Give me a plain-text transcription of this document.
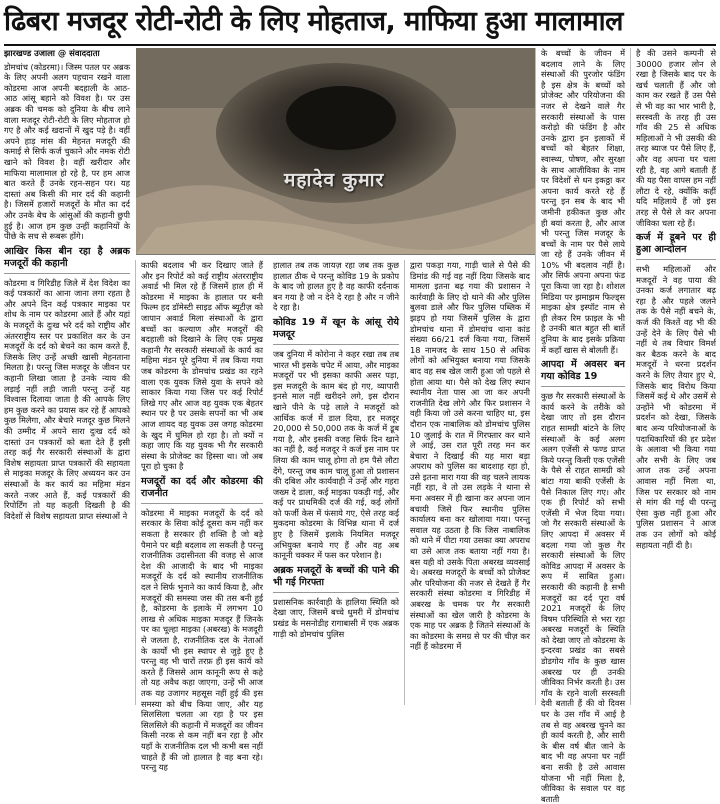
ढिबरा मजदूर रोटी-रोटी के लिए मोहताज, माफिया हुआ मालामाल
झारखण्ड उजाला @ संवाददाता

डोमचांच (कोडरमा)। जिस्म पतल पर अब्रक के लिए अपनी अलग पहचान रखने वाला कोडरमा आज अपनी बदहाली के आठ-आठ आंसू बहाने को विवश है। पर उस अब्रक की चमक को दुनिया के बीच लाने वाला मजदूर रोटी-रोटी के लिए मोहताज हो गए है और कई खदानों में खुद पड़े है। वहीं अपने हाड़ मांस की मेहनत मजदूरी की कमाई से सिर्फ कर्ज चुकाने और नमक रोटी खाने को विवश है। वहीं खरीदार और माफिया मालामाल हो रहे है, पर हम आज बात करते हैं उनके रहन-सहन पर। यह दास्तां अब किसी की मार दर्द की कहानी है। जिसमें हजारों मजदूरों के मौत का दर्द और उनके बेच के आंसुओं की कहानी छुपी हुई है। आज हम कुछ उन्हीं कहानियों के पीछे के सच से रूबरू होंगे।

आखिर किस बीन रहा है अब्रक मजदूरों की कहानी

कोडरमा व गिरिडीह जिले में देश विदेश का कई पत्रकारों का आना जाना लगा रहता है और अपने दिन कई पत्रकार माइका पर शोध के नाम पर कोडरमा आते हैं और यहां के मजदूरों के दुःख भरे दर्द को राष्ट्रीय और अंतरराष्ट्रीय स्तर पर प्रकाशित कर के उन मजदूरों के दर्द को बेचने का काम करते हैं, जिसके लिए उन्हें अच्छी खासी मेहनताना मिलता है। परन्तु जिस मजदूर के जीवन पर कहानी लिखा जाता है उनके न्याय की लड़ाई नहीं लड़ी जाती परन्तु उन्हें यह विश्वास दिलाया जाता है की आपके लिए हम कुछ करने का प्रयास कर रहे हैं आपको कुछ मिलेगा, और बेचारे मजदूर कुछ मिलने की उम्मीद में अपने सारा दुःख दर्द को दास्तां उन पत्रकारों को बता देते हैं इसी तरह कई गैर सरकारी संस्थाओं के द्वारा विशेष सहायता प्राप्त पत्रकारों की सहायता से माइका मजदूर के लिए अध्ययन कर उन संस्थाओं के कर कार्य का महिमा मंडन करते नजर आते हैं, कई पत्रकारों की रिपोर्टिंग तो यह कहती दिखती है की विदेशों से विशेष सहायता प्राप्त संस्थाओं ने

महादेव कुमार

हालात तब तक जायज़ रहा जब तक कुछ हालात ठीक थे परन्तु कोविड 19 के प्रकोप के बाद जो हालत हुए है वह काफी दर्दनाक बन गया है जो न देने दे रहा है और न जीने दे रहा है।

कोविड 19 में खून के आंसू रोये मजदूर

जब दुनिया में कोरोना ने कहर रखा तब तब भारत भी इसके चपेट में आया, और माइका मजदूरों पर भी इसका काफी असर पड़ा, इस मजदूरी के काम बंद हो गए, व्यापारी इनसे माल नहीं खरीदने लगे, इस दौरान खाने पीने के पड़े लाले ने मजदूरों को आर्थिक कर्ज में डाल दिया, हर मजदूर 20,000 से 50,000 तक के कर्ज में डूब गया है, और इसकी वजह सिर्फ दिन खाने का नहीं है, कई मजदूर ने कर्ज इस नाम पर लिया की काम चालू होगा तो हम पैसे लौटा देंगे, परन्तु जब काम चालू हुआ तो प्रशासन की दबिश और कार्यवाही ने उन्हें और गहरा जख्म दे डाला, कई माइका पकड़ी गई, और कई पर प्राथमिकी दर्ज की गई, कई लोगों को फर्जी केस में फंसाये गए, ऐसे तरह कई मुकदमा कोडरमा के विभिन्न थाना में दर्ज हुए है जिसमें इलाके नियमित मजदूर अभियुक्त बनाये गए हैं और वह अब कानूनी चक्कर में फस कर परेशान है।

अब्रक मजदूरों के बच्चों की पाने की भी गई गिरफ्ता

प्रशासनिक कार्रवाही के हालिया स्थिति को देखा जाए, जिसमें बच्चे धुमरी में डोमचांच प्रखंड के मसनोडीह रागाबासी में एक अब्रक गाड़ी को डोमचांच पुलिस

काफी बदलाव भी कर दिखाए जाते हैं और इन रिपोर्ट को कई राष्ट्रीय अंतरराष्ट्रीय अवार्ड भी मिल रहे हैं जिसमें हाल ही में कोडरमा में माइका के हालात पर बनी फिल्म हद डॉमेस्टी साइड ऑफ ब्यूटीज़ को जापान अवार्ड मिला संस्थाओं के द्वारा बच्चों का कल्याण और मजदूरों की बदहाली को दिखाने के लिए एक प्रमुख कहानी गैर सरकारी संस्थाओं के कार्य का महिमा मंडन पूरे दुनिया में तब किया गया जब कोडरमा के डोमचांच प्रखंड का रहने वाला एक युवक जिसे युवा के सपने को साकार किया गया जिस पर कई रिपोर्ट लिखे गए और आज वह युवक एक बेहतर स्थान पर है पर उसके सपनों का भी अब आज शायद वह युवक उस जगह कोडरमा के खुद में घुमिल हो रहा है। तो क्यों न कहा जाए कि यह युवक भी गैर सरकारी संस्था के प्रोजेक्ट का हिस्सा था। जो अब पूरा हो चुका है

मजदूरों का दर्द और कोडरमा की राजनीत

कोडरमा में माइका मजदूरों के दर्द को सरकार के सिवा कोई दूसरा कम नहीं कर सकता है सरकार ही शक्ति है जो बड़े पैमाने पर बड़ी बदलाव ला सकती है परन्तु राजनीतिक उदासीनता की वजह से आज देश की आजादी के बाद भी माइका मजदूरों के दर्द को स्थानीय राजनीतिक दल ने सिर्फ भुनाने का कार्य किया है, और मजदूरों की समस्या जस की तस बनी हुई है, कोडरमा के इलाके में लगभग 10 लाख से अधिक माइका मजदूर हैं जिनके पर का चूल्हा माइका (अबरख) के मजदूरी से जलता है, राजनीतिक दल के नेताओं के कार्यों भी इस स्थापर से जुड़े हुए है परन्तु वह भी चारों तरफ़ ही इस कार्य को करते हैं जिससे आम कानूनी रूप से कहे तो यह अवैध कहा जाएगा, उन्हें भी आज तक यह उजागर महसूस नहीं हुई की इस समस्या को बीच किया जाए, और यह सिलसिला चलता आ रहा है पर इस सिलसिले की कहानी में मजदूरों का जीवन किसी नरक से कम नहीं बन रहा है और यहाँ के राजनीतिक दल भी कभी बस नहीं चाहते हैं की जो हालात है वह बना रहे। परन्तु यह

द्वारा पकड़ा गया, गाड़ी चाले से पैसे की डिमांड की गई वह नहीं दिया जिसके बाद मामला इतना बढ़ गया की प्रशासन ने कार्रवाही के लिए दो थाने की और पुलिस बुलवा डाले और फिर पुलिस पब्लिक में झड़प हो गया जिसमें पुलिस के द्वारा डोमचांच थाना में डोमचांच थाना कांड संख्या 66/21 दर्ज किया गया, जिसमें 18 नामजद के साथ 150 से अधिक लोगों को अभियुक्त बनाया गया जिसके बाद वह सब खेल जारी हुआ जो पहले से होता आया था। पैसे को देख लिए स्थान स्थानीय नेता पास आ जा कर अपनी राजनीति देख लोगे और फिर प्रशासन ने वही किया जो उसे करना चाहिए था, इस दौरान एक नाबालिक को डोमचांच पुलिस 10 जुलाई के रात में गिरफ्तार कर थाने ले आई, उस रात पूरी तरह मन कर बेचारा ने दिखाई की यह मारा बड़ा अपराध को पुलिस का बादशाह रहा हो, उसे इतना मारा गया की वह चलने लायक नहीं रहा, वे तो उस लड़के ने थाना से मना अवसर में ही खाना कर अपना जान बचायी जिसे फिर स्थानीय पुलिस कार्यालय बना कर खोलाया गया। परन्तु सवाल यह उठता है कि जिस नाबालिक को थाने में पीटा गया उसका क्या अपराध था उसे आज तक बताया नहीं गया है। बस यही वो उसके पिता अबरख व्यवसाई थे। अबरख मजदूरों के बच्चों को प्रोजेक्ट और परियोजना की नजर से देखते हैं गैर सरकारी संस्था कोडरमा व गिरिडीह में अबरख के चमक पर गैर सरकारी संस्थाओं का खेल जारी है कोडरमा के एक माह पर अब्रक है जितने संस्थाओं के का कोडरमा के समग्र से पर की चीज़ कर नहीं हैं कोडरमा में

के बच्चों के जीवन में बदलाव लाने के लिए संस्थाओं की पुरजोर फंडिंग है इस क्षेत्र के बच्चों को प्रोजेक्ट और परियोजना की नजर से देखने वाले गैर सरकारी संस्थाओं के पास करोड़ो की फंडिंग है और उनके द्वारा इन इलाकों में बच्चों को बेहतर शिक्षा, स्वास्थ्य, पोषण, और सुरक्षा के साथ आजीविका के नाम पर विदेशों से धन इकठ्ठा कर अपना कार्य करते रहे हैं परन्तु इन सब के बाद भी जमीनी हकीकत कुछ और ही बयां करता है, और आज भी परन्तु जिस मजदूर के बच्चों के नाम पर पैसे लाये जा रहे हैं उनके जीवन में 10% भी बदलाव नहीं है। और सिर्फ अपना अपना फंड पूरा किया जा रहा है। शोशल मिडिया पर झमाझम फिल्ड्स माइका क्षेत्र इस्पॉट नाम से ही लेकर रिम फ़ाइल के भी है उनकी बात बहुत सी बातें दुनिया के बाद इसके प्रक्रिया में कहाँ खास से बोलती हैं।

आपदा में अवसर बन गया कोविड 19

कुछ गैर सरकारी संस्थाओं के कार्य करने के तरीके को देखा जाए तो इस दौरान राहत सामग्री बांटने के लिए संस्थाओं के कई अलग अलग एजेंसी से फण्ड प्राप्त किये परन्तु किसी एक एजेंसी के पैसे से राहत सामग्री को बांटा गया बाकी एजेंसी के पैसे निकाल लिए गए। और एक ही रिपोर्ट को सभी एजेंसी में भेज दिया गया। जो गैर सरकारी संस्थाओं के लिए आपदा में अवसर में बदला गया जो कुछ गैर सरकारी संस्थाओं के लिए कोविड आपदा में अवसर के रूप में साबित हुआ। सरकारी की कहानी है सभी मजदूरों का दर्द पूरा वर्ष 2021 मजदूरों के लिए विषम परिस्थिति से भरा रहा अबरख मजदूरों के स्थिति को देखा जाए तो कोडरमा के इन्दरवा प्रखंड का सबसे डोडगोय गाँव के कुछ खास अबरख पर ही उनकी जीविका निर्भर करती है। उस गाँव के रहने वाली सरस्वती देवी बताती हैं की वो दिवस घर के उस गाँव में आई है तब से वह अबरख चुनने का ही कार्य करती है, और सारी के बीस वर्ष बीत जाने के बाद भी वह अपना घर नहीं बना सकी है उसे आवास योजना भी नहीं मिला है, जीविका के सवाल पर वह बताती

है की उसने कम्पनी से 30000 हजार लोन ले रखा है जिसके बाद पर के खर्च चलाती हैं और जो काम कर रखते हैं उस पैसे से भी वह का भार भारी है, सरस्वती के तरह ही उस गाँव की 25 से अधिक महिलाओं ने भी उसकी की तरह ब्याज पर पैसे लिए हैं, और वह अपना घर चला रही है, वह आगे बताती हैं की यह पैसा वापस हम नहीं लौटा दे रहे, क्योंकि कहीं यदि महिलाये हैं जो इस तरह से पैसे ले कर अपना जीविका चला रहे हैं।

कर्ज में डूबने पर ही हुआ आन्दोलन

सभी महिलाओं और मजदूरों ने वह पाया की उनका कर्ज लगातार बढ़ रहा है और पहले जलने तक के पैसे नहीं बचने के, कर्ज की किश्तें वह भी की उन्हें देने के लिए पैसे भी नहीं थे तब विचार विमर्श कर बैठक करने के बाद मजदूरों ने धरना प्रदर्शन करने के लिए तैयार हुए थे, जिसके बाद विरोध किया जिसमें कई थे और उसमें से उन्होंने भी कोडरमा में प्रदर्शन को देखा, जिसके बाद अन्य परियोजनाओं के पदाधिकारियों की हर प्रदेश के अलावा भी किया गया और सभी के लिए जब आज तक उन्हें अपना आवास नहीं मिला था, जिस पर सरकार को नाम से मांग की गई थी परन्तु ऐसा कुछ नहीं हुआ और पुलिस प्रशासन ने आज तक उन लोगों को कोई सहायता नहीं दी है।
